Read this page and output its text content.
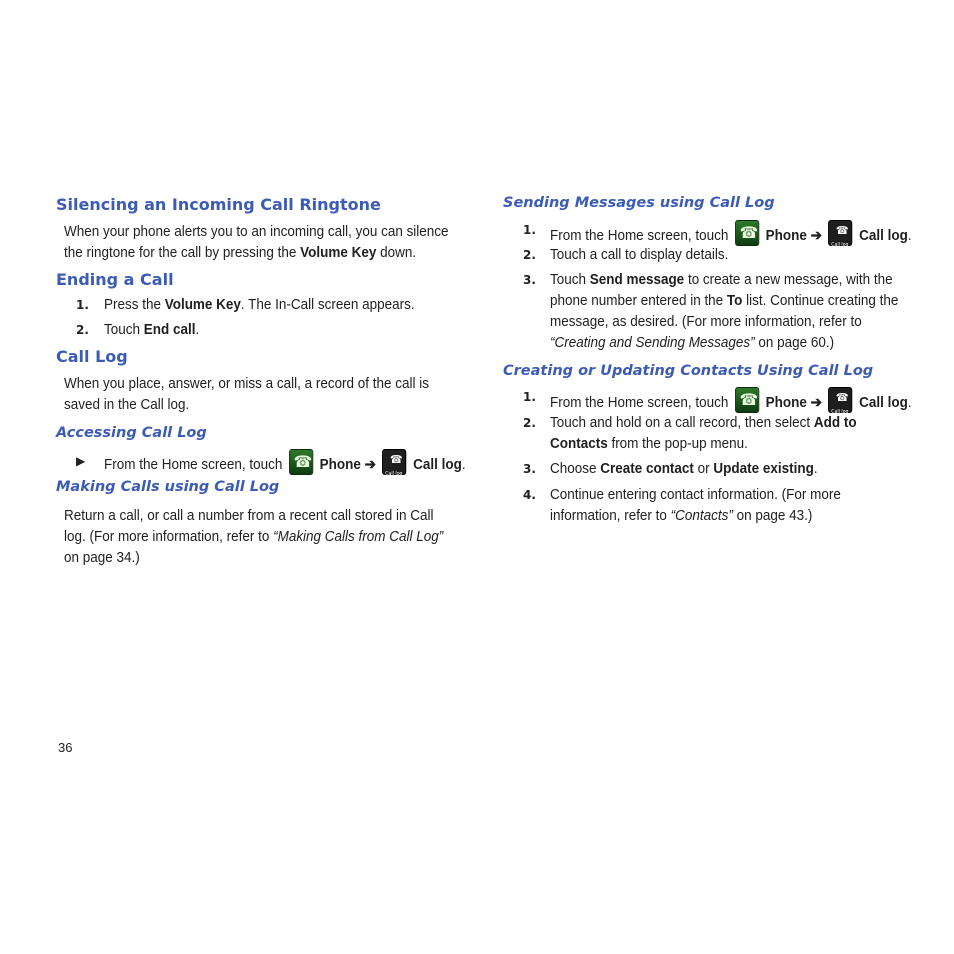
Silencing an Incoming Call Ringtone
When your phone alerts you to an incoming call, you can silence
the ringtone for the call by pressing the Volume Key down.
Ending a Call
1. Press the Volume Key. The In-Call screen appears.
2. Touch End call.
Call Log
When you place, answer, or miss a call, a record of the call is
saved in the Call log.
Accessing Call Log
▶ From the Home screen, touch ☎	Phone ➔ ☎ Call log	Call log.
Making Calls using Call Log
Return a call, or call a number from a recent call stored in Call
log. (For more information, refer to “Making Calls from Call Log”
on page 34.)
Sending Messages using Call Log
1. From the Home screen, touch ☎	Phone ➔ ☎ Call log	Call log.
2. Touch a call to display details.
3. Touch Send message to create a new message, with the
phone number entered in the To list. Continue creating the
message, as desired. (For more information, refer to
“Creating and Sending Messages” on page 60.)
Creating or Updating Contacts Using Call Log
1. From the Home screen, touch ☎	Phone ➔ ☎ Call log	Call log.
2. Touch and hold on a call record, then select Add to
Contacts from the pop-up menu.
3. Choose Create contact or Update existing.
4. Continue entering contact information. (For more
information, refer to “Contacts” on page 43.)
36
